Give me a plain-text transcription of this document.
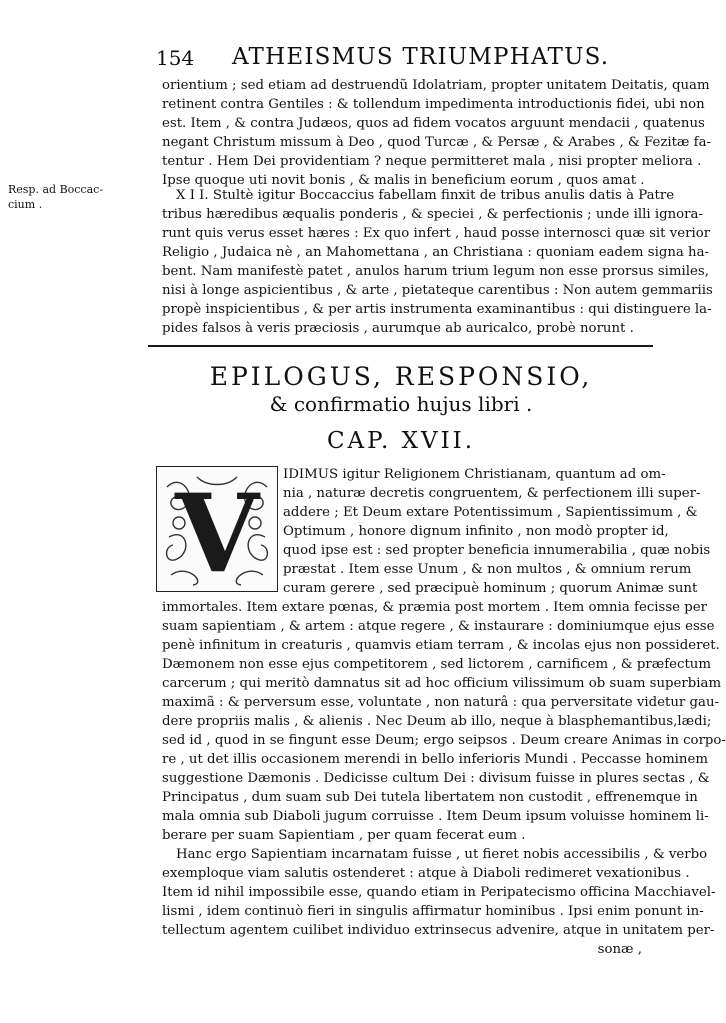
154 ATHEISMUS TRIUMPHATUS.
orientium ; sed etiam ad destruendũ Idolatriam, propter unitatem Deitatis, quam
retinent contra Gentiles : & tollendum impedimenta introductionis fidei, ubi non
est. Item , & contra Judæos, quos ad fidem vocatos arguunt mendacii , quatenus
negant Christum missum à Deo , quod Turcæ , & Persæ , & Arabes , & Fezitæ fa-
tentur . Hem Dei providentiam ? neque permitteret mala , nisi propter meliora .
Ipse quoque uti novit bonis , & malis in beneficium eorum , quos amat .
Resp. ad Boccac-
cium .
X I I. Stultè igitur Boccaccius fabellam finxit de tribus anulis datis à Patre
tribus hæredibus æqualis ponderis , & speciei , & perfectionis ; unde illi ignora-
runt quis verus esset hæres : Ex quo infert , haud posse internosci quæ sit verior
Religio , Judaica nè , an Mahomettana , an Christiana : quoniam eadem signa ha-
bent. Nam manifestè patet , anulos harum trium legum non esse prorsus similes,
nisi à longe aspicientibus , & arte , pietateque carentibus : Non autem gemmariis
propè inspicientibus , & per artis instrumenta examinantibus : qui distinguere la-
pides falsos à veris præciosis , aurumque ab auricalco, probè norunt .
EPILOGUS, RESPONSIO,
& confirmatio hujus libri .
CAP. XVII.
V IDIMUS igitur Religionem Christianam, quantum ad om-
nia , naturæ decretis congruentem, & perfectionem illi super-
addere ; Et Deum extare Potentissimum , Sapientissimum , &
Optimum , honore dignum infinito , non modò propter id,
quod ipse est : sed propter beneficia innumerabilia , quæ nobis
præstat . Item esse Unum , & non multos , & omnium rerum
curam gerere , sed præcipuè hominum ; quorum Animæ sunt
immortales. Item extare pœnas, & præmia post mortem . Item omnia fecisse per
suam sapientiam , & artem : atque regere , & instaurare : dominiumque ejus esse
penè infinitum in creaturis , quamvis etiam terram , & incolas ejus non possideret.
Dæmonem non esse ejus competitorem , sed lictorem , carnificem , & præfectum
carcerum ; qui meritò damnatus sit ad hoc officium vilissimum ob suam superbiam
maximã : & perversum esse, voluntate , non naturâ : qua perversitate videtur gau-
dere propriis malis , & alienis . Nec Deum ab illo, neque à blasphemantibus,lædi;
sed id , quod in se fingunt esse Deum; ergo seipsos . Deum creare Animas in corpo-
re , ut det illis occasionem merendi in bello inferioris Mundi . Peccasse hominem
suggestione Dæmonis . Dedicisse cultum Dei : divisum fuisse in plures sectas , &
Principatus , dum suam sub Dei tutela libertatem non custodit , effrenemque in
mala omnia sub Diaboli jugum corruisse . Item Deum ipsum voluisse hominem li-
berare per suam Sapientiam , per quam fecerat eum .
Hanc ergo Sapientiam incarnatam fuisse , ut fieret nobis accessibilis , & verbo
exemploque viam salutis ostenderet : atque à Diaboli redimeret vexationibus .
Item id nihil impossibile esse, quando etiam in Peripatecismo officina Macchiavel-
lismi , idem continuò fieri in singulis affirmatur hominibus . Ipsi enim ponunt in-
tellectum agentem cuilibet individuo extrinsecus advenire, atque in unitatem per-
sonæ ,
